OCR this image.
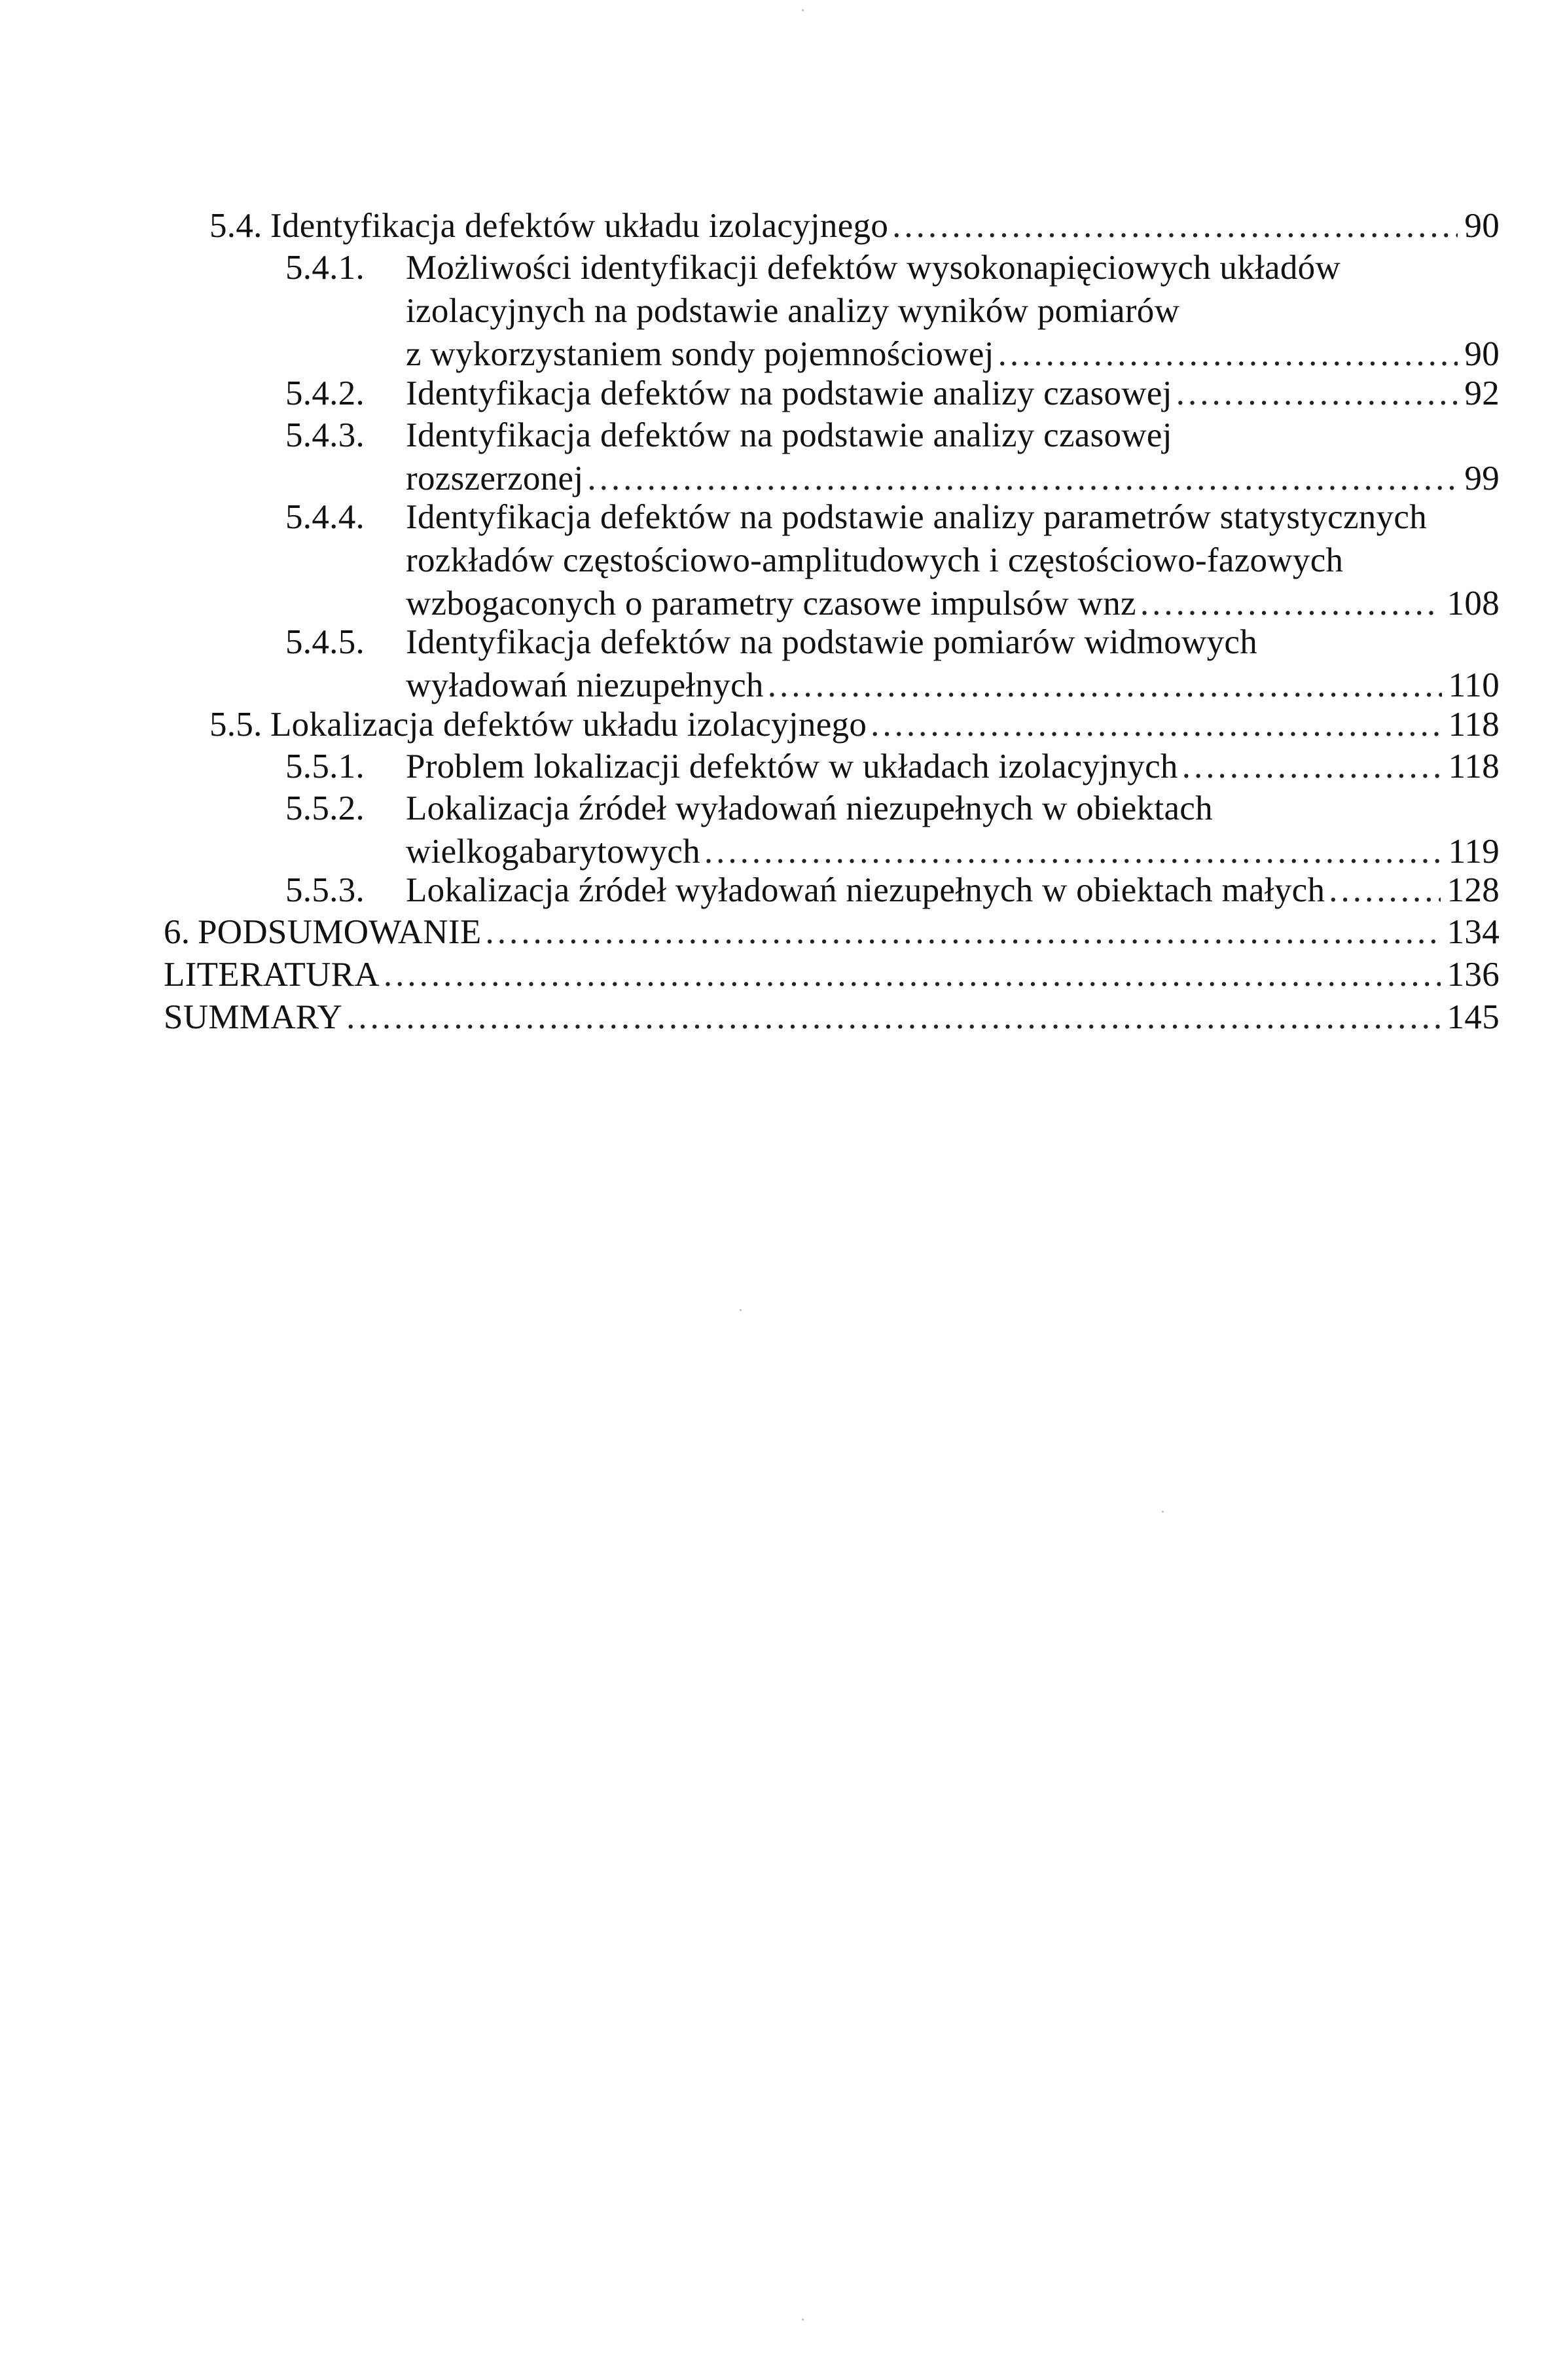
5.4. Identyfikacja defektów układu izolacyjnego .....	90
5.4.1. Możliwości identyfikacji defektów wysokonapięciowych układów
izolacyjnych na podstawie analizy wyników pomiarów
z wykorzystaniem sondy pojemnościowej .....	90
5.4.2. Identyfikacja defektów na podstawie analizy czasowej .....	92
5.4.3. Identyfikacja defektów na podstawie analizy czasowej
rozszerzonej .....	99
5.4.4. Identyfikacja defektów na podstawie analizy parametrów statystycznych
rozkładów częstościowo-amplitudowych i częstościowo-fazowych
wzbogaconych o parametry czasowe impulsów wnz .....	108
5.4.5. Identyfikacja defektów na podstawie pomiarów widmowych
wyładowań niezupełnych .....	110
5.5. Lokalizacja defektów układu izolacyjnego .....	118
5.5.1. Problem lokalizacji defektów w układach izolacyjnych .....	118
5.5.2. Lokalizacja źródeł wyładowań niezupełnych w obiektach
wielkogabarytowych .....	119
5.5.3. Lokalizacja źródeł wyładowań niezupełnych w obiektach małych .....	128
6. PODSUMOWANIE .....	134
LITERATURA .....	136
SUMMARY .....	145
